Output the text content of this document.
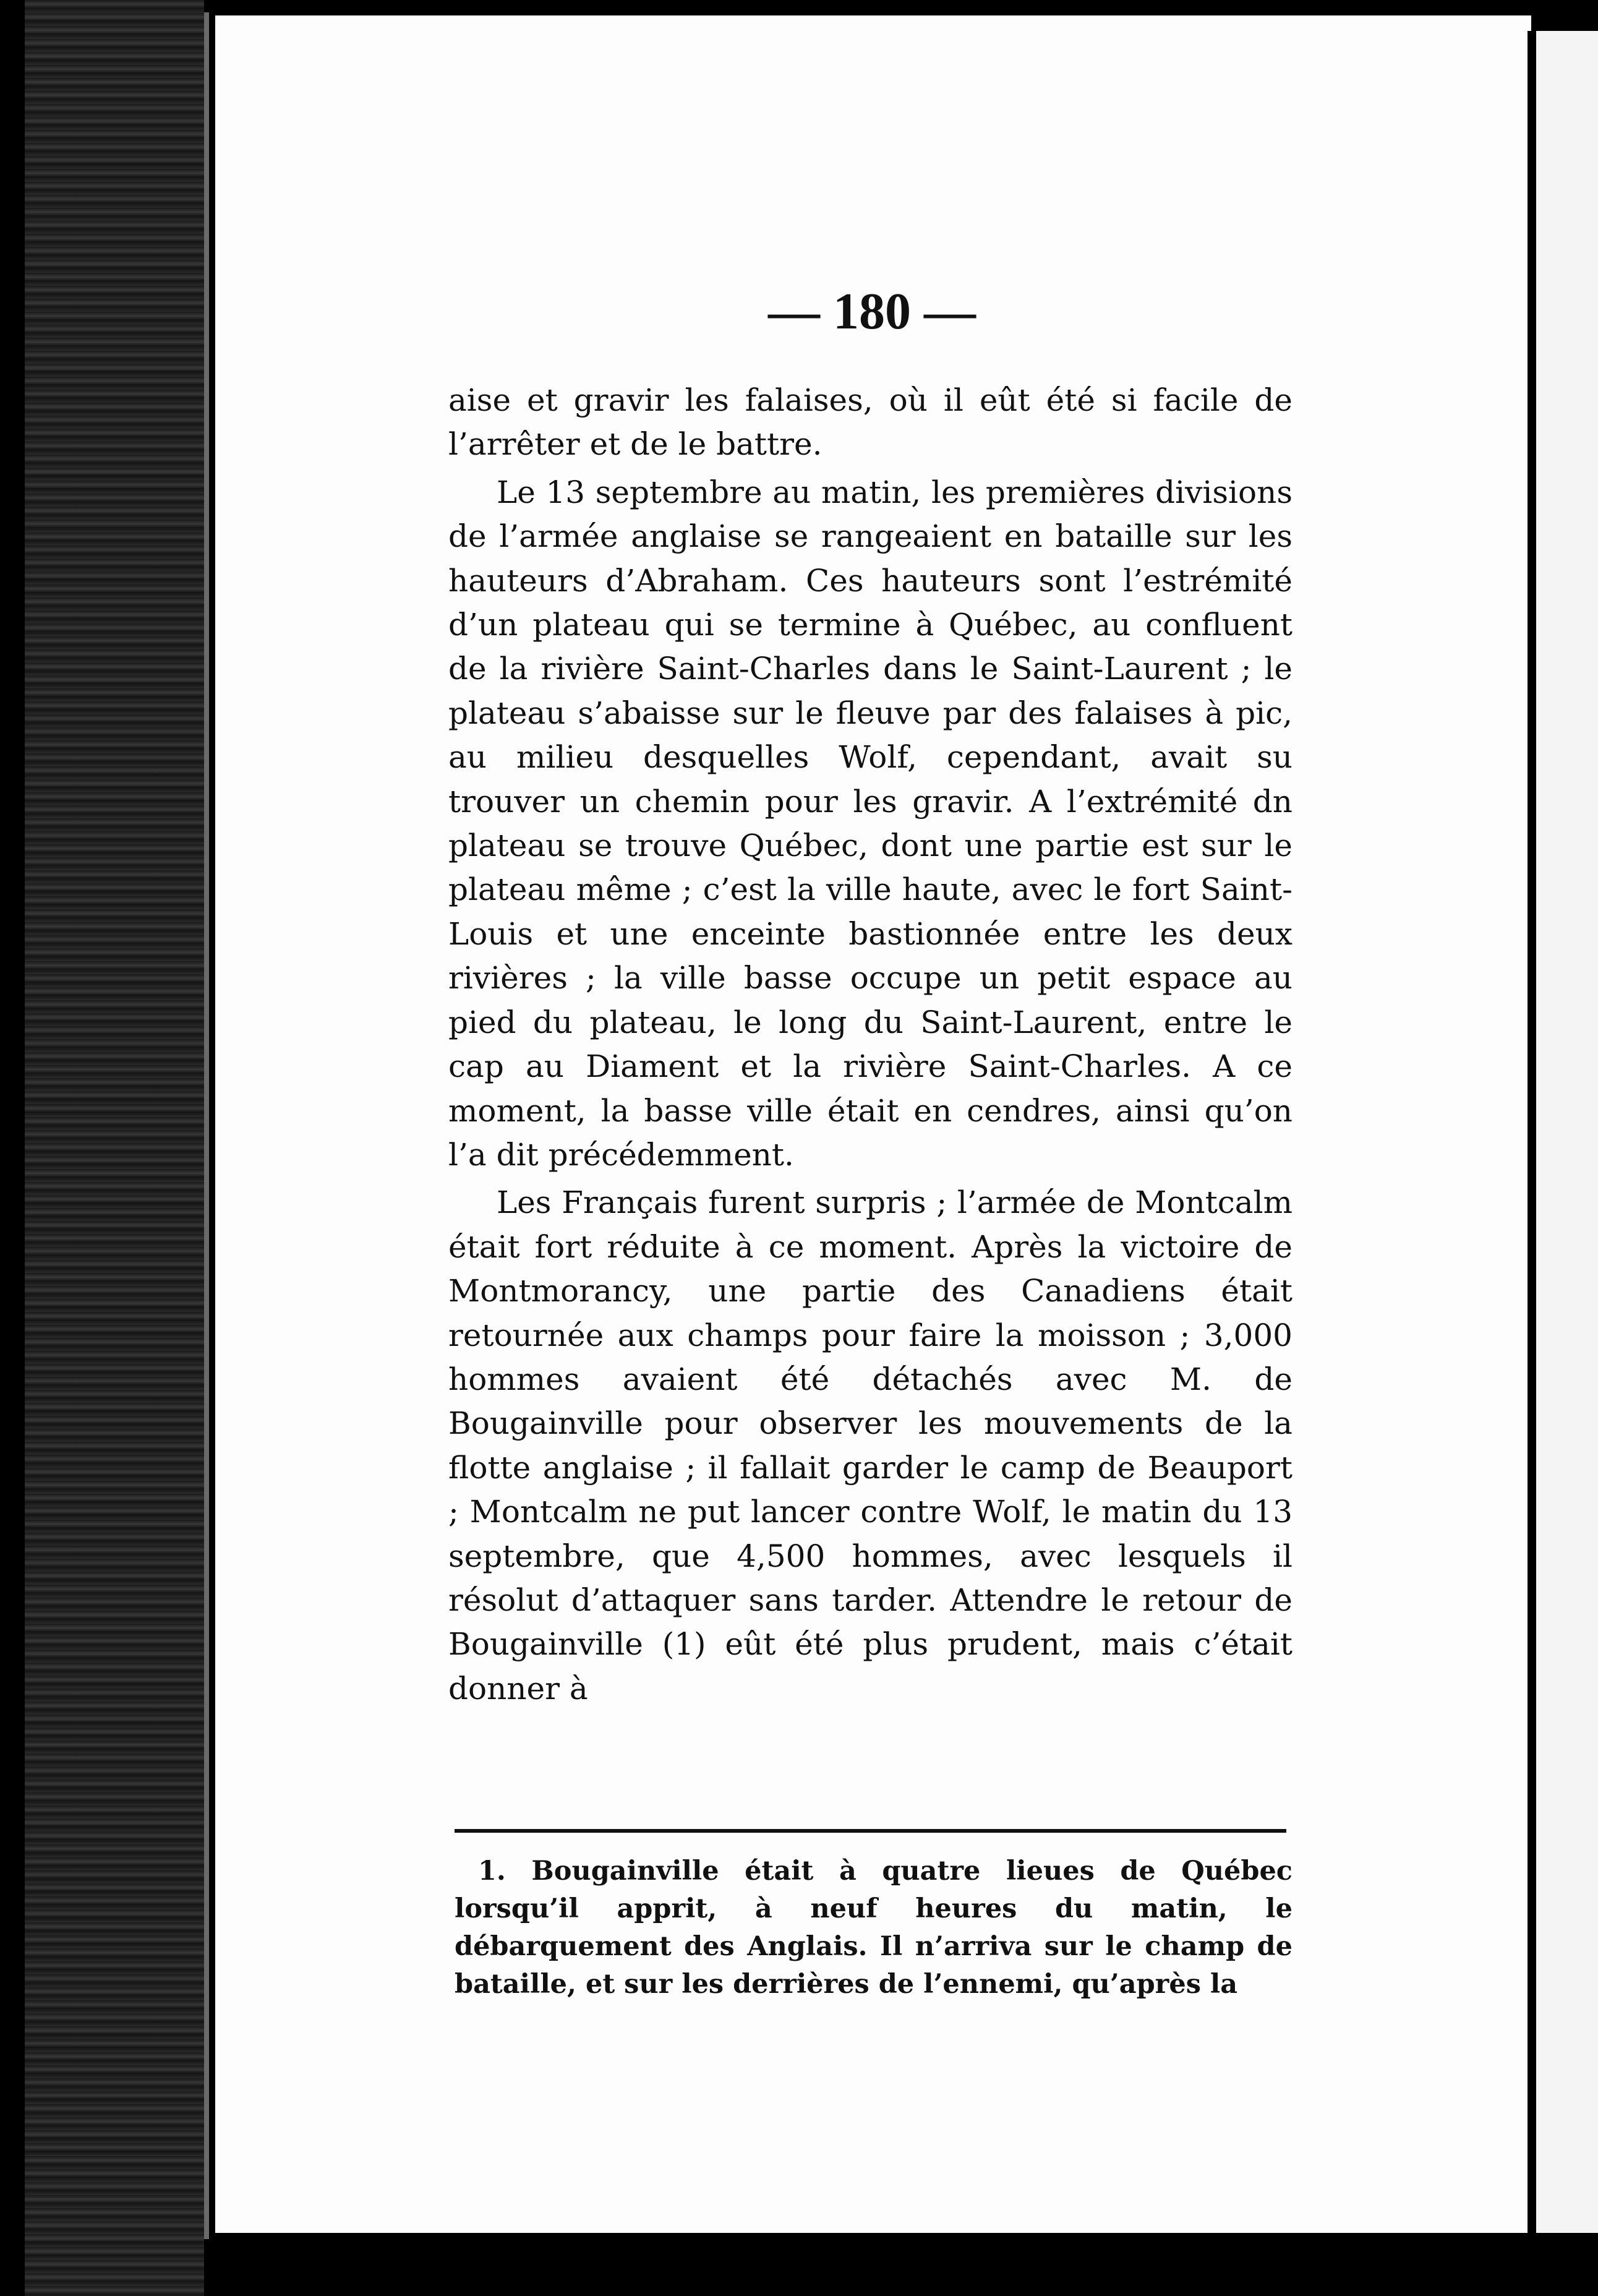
— 180 —

aise et gravir les falaises, où il eût été si facile de l’arrêter et de le battre.

Le 13 septembre au matin, les premières divisions de l’armée anglaise se rangeaient en bataille sur les hauteurs d’Abraham. Ces hauteurs sont l’estrémité d’un plateau qui se termine à Québec, au confluent de la rivière Saint-Charles dans le Saint-Laurent ; le plateau s’abaisse sur le fleuve par des falaises à pic, au milieu desquelles Wolf, cependant, avait su trouver un chemin pour les gravir. A l’extrémité dn plateau se trouve Québec, dont une partie est sur le plateau même ; c’est la ville haute, avec le fort Saint-Louis et une enceinte bastionnée entre les deux rivières ; la ville basse occupe un petit espace au pied du plateau, le long du Saint-Laurent, entre le cap au Diament et la rivière Saint-Charles. A ce moment, la basse ville était en cendres, ainsi qu’on l’a dit précédemment.

Les Français furent surpris ; l’armée de Montcalm était fort réduite à ce moment. Après la victoire de Montmorancy, une partie des Canadiens était retournée aux champs pour faire la moisson ; 3,000 hommes avaient été détachés avec M. de Bougainville pour observer les mouvements de la flotte anglaise ; il fallait garder le camp de Beauport ; Montcalm ne put lancer contre Wolf, le matin du 13 septembre, que 4,500 hommes, avec lesquels il résolut d’attaquer sans tarder. Attendre le retour de Bougainville (1) eût été plus prudent, mais c’était donner à

1. Bougainville était à quatre lieues de Québec lorsqu’il apprit, à neuf heures du matin, le débarquement des Anglais. Il n’arriva sur le champ de bataille, et sur les derrières de l’ennemi, qu’après la
